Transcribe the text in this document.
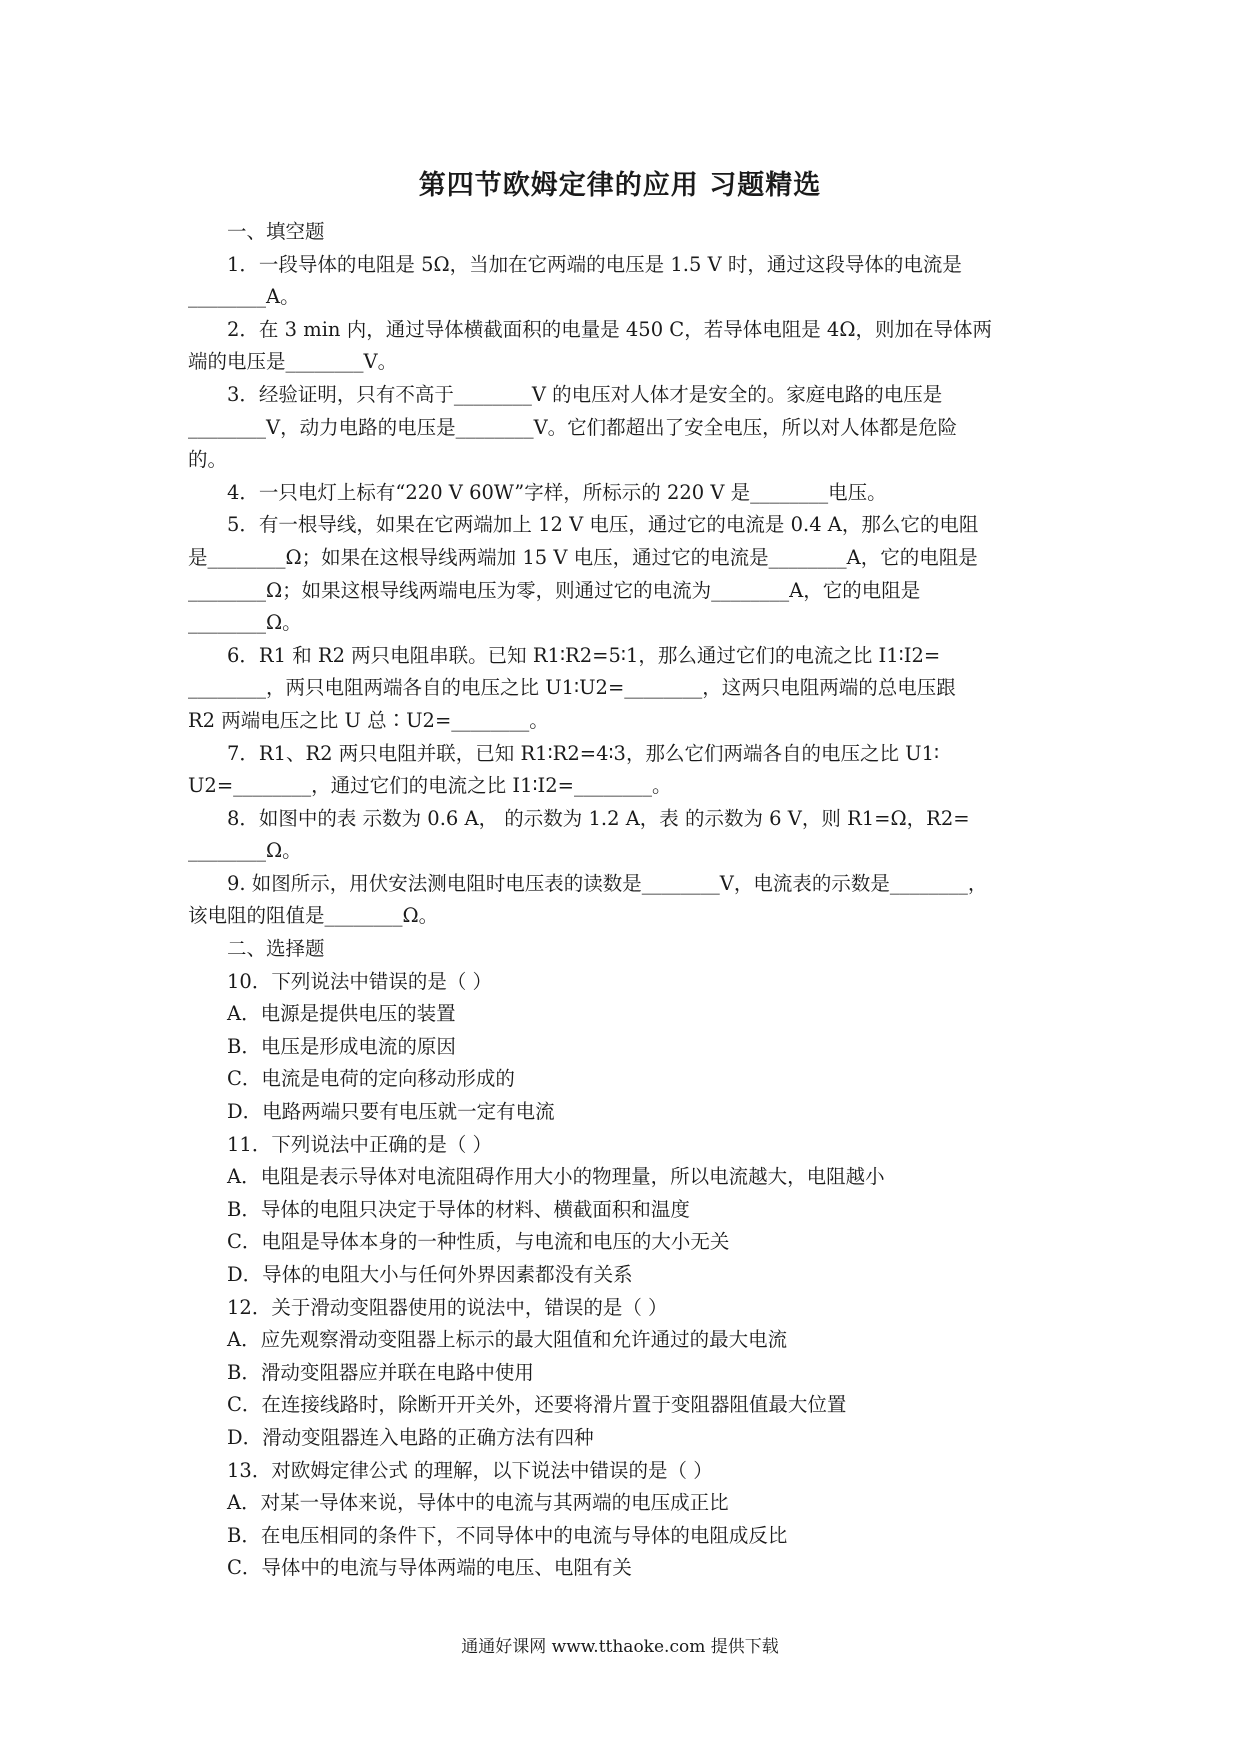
第四节欧姆定律的应用 习题精选

一、填空题

1．一段导体的电阻是 5Ω，当加在它两端的电压是 1.5 V 时，通过这段导体的电流是

________A。

2．在 3 min 内，通过导体横截面积的电量是 450 C，若导体电阻是 4Ω，则加在导体两

端的电压是________V。

3．经验证明，只有不高于________V 的电压对人体才是安全的。家庭电路的电压是

________V，动力电路的电压是________V。它们都超出了安全电压，所以对人体都是危险

的。

4．一只电灯上标有“220 V 60W”字样，所标示的 220 V 是________电压。

5．有一根导线，如果在它两端加上 12 V 电压，通过它的电流是 0.4 A，那么它的电阻

是________Ω；如果在这根导线两端加 15 V 电压，通过它的电流是________A，它的电阻是

________Ω；如果这根导线两端电压为零，则通过它的电流为________A，它的电阻是

________Ω。

6．R1 和 R2 两只电阻串联。已知 R1∶R2=5∶1，那么通过它们的电流之比 I1∶I2=

________，两只电阻两端各自的电压之比 U1∶U2=________，这两只电阻两端的总电压跟

R2 两端电压之比 U 总∶U2=________。

7．R1、R2 两只电阻并联，已知 R1∶R2=4∶3，那么它们两端各自的电压之比 U1∶

U2=________，通过它们的电流之比 I1∶I2=________。

8．如图中的表 示数为 0.6 A， 的示数为 1.2 A，表 的示数为 6 V，则 R1=Ω，R2=

________Ω。

9. 如图所示，用伏安法测电阻时电压表的读数是________V，电流表的示数是________，

该电阻的阻值是________Ω。

二、选择题

10．下列说法中错误的是（ ）

A．电源是提供电压的装置

B．电压是形成电流的原因

C．电流是电荷的定向移动形成的

D．电路两端只要有电压就一定有电流

11．下列说法中正确的是（ ）

A．电阻是表示导体对电流阻碍作用大小的物理量，所以电流越大，电阻越小

B．导体的电阻只决定于导体的材料、横截面积和温度

C．电阻是导体本身的一种性质，与电流和电压的大小无关

D．导体的电阻大小与任何外界因素都没有关系

12．关于滑动变阻器使用的说法中，错误的是（ ）

A．应先观察滑动变阻器上标示的最大阻值和允许通过的最大电流

B．滑动变阻器应并联在电路中使用

C．在连接线路时，除断开开关外，还要将滑片置于变阻器阻值最大位置

D．滑动变阻器连入电路的正确方法有四种

13．对欧姆定律公式 的理解，以下说法中错误的是（ ）

A．对某一导体来说，导体中的电流与其两端的电压成正比

B．在电压相同的条件下，不同导体中的电流与导体的电阻成反比

C．导体中的电流与导体两端的电压、电阻有关

通通好课网 www.tthaoke.com 提供下载
